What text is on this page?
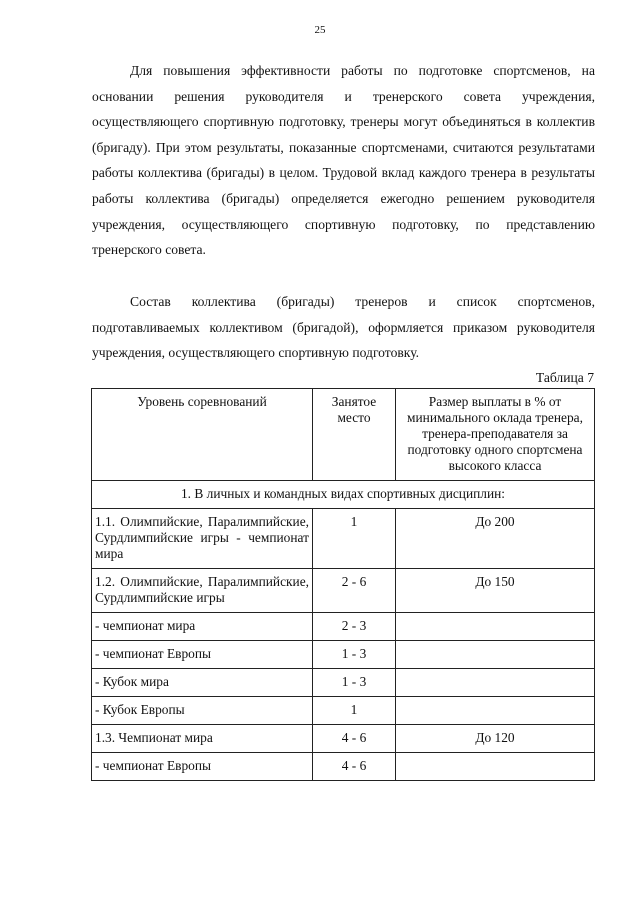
25

Для повышения эффективности работы по подготовке спортсменов, на основании решения руководителя и тренерского совета учреждения, осуществляющего спортивную подготовку, тренеры могут объединяться в коллектив (бригаду). При этом результаты, показанные спортсменами, считаются результатами работы коллектива (бригады) в целом. Трудовой вклад каждого тренера в результаты работы коллектива (бригады) определяется ежегодно решением руководителя учреждения, осуществляющего спортивную подготовку, по представлению тренерского совета.

Состав коллектива (бригады) тренеров и список спортсменов, подготавливаемых коллективом (бригадой), оформляется приказом руководителя учреждения, осуществляющего спортивную подготовку.

Таблица 7
Уровень соревнований	Занятое место	Размер выплаты в % от минимального оклада тренера, тренера-преподавателя за подготовку одного спортсмена высокого класса
1. В личных и командных видах спортивных дисциплин:		
1.1. Олимпийские, Паралимпийские, Сурдлимпийские игры - чемпионат мира	1	До 200
1.2. Олимпийские, Паралимпийские, Сурдлимпийские игры	2 - 6	До 150
- чемпионат мира	2 - 3	
- чемпионат Европы	1 - 3	
- Кубок мира	1 - 3	
- Кубок Европы	1	
1.3. Чемпионат мира	4 - 6	До 120
- чемпионат Европы	4 - 6	
